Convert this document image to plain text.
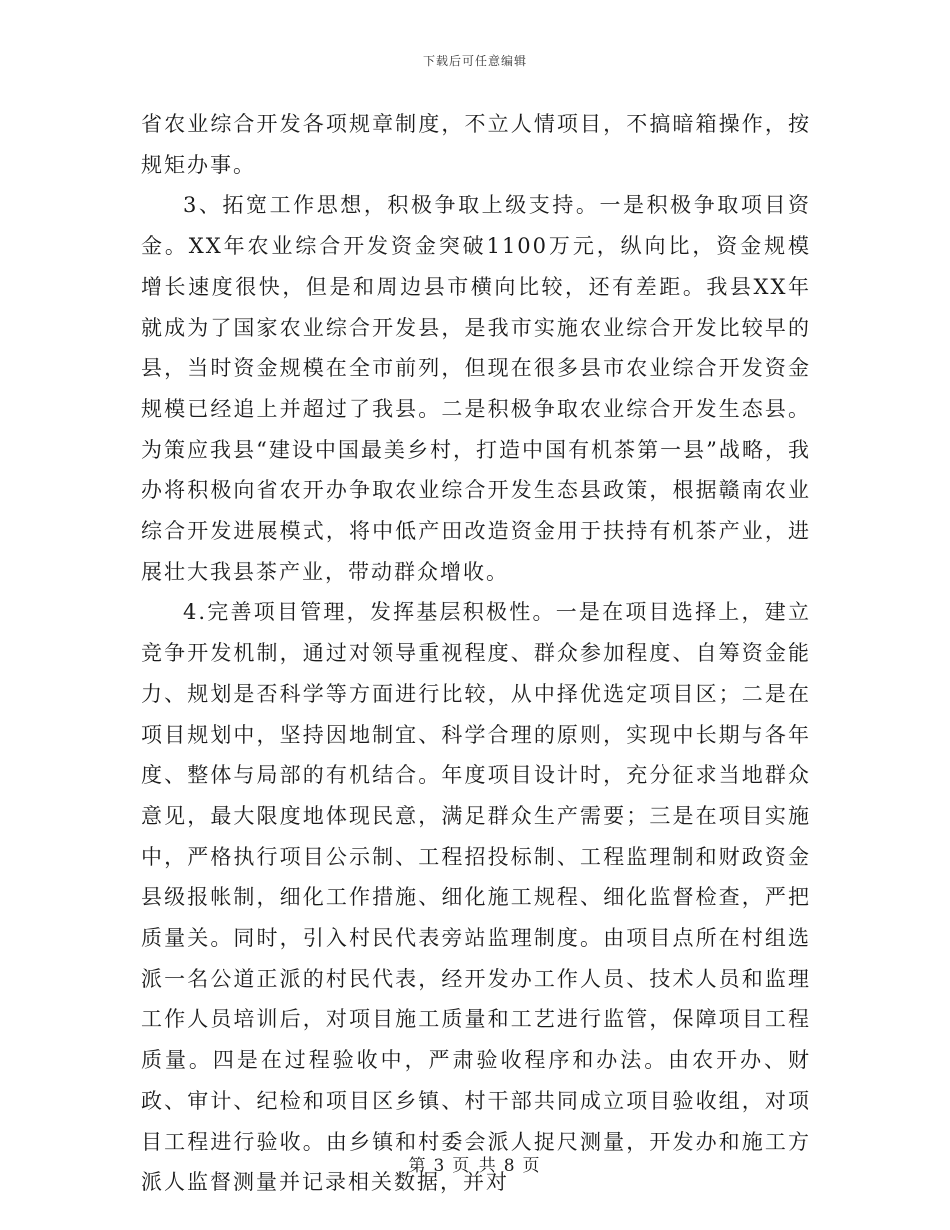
下载后可任意编辑

省农业综合开发各项规章制度，不立人情项目，不搞暗箱操作，按规矩办事。

3、拓宽工作思想，积极争取上级支持。一是积极争取项目资金。XX年农业综合开发资金突破1100万元，纵向比，资金规模增长速度很快，但是和周边县市横向比较，还有差距。我县XX年就成为了国家农业综合开发县，是我市实施农业综合开发比较早的县，当时资金规模在全市前列，但现在很多县市农业综合开发资金规模已经追上并超过了我县。二是积极争取农业综合开发生态县。为策应我县“建设中国最美乡村，打造中国有机茶第一县”战略，我办将积极向省农开办争取农业综合开发生态县政策，根据赣南农业综合开发进展模式，将中低产田改造资金用于扶持有机茶产业，进展壮大我县茶产业，带动群众增收。

4.完善项目管理，发挥基层积极性。一是在项目选择上，建立竞争开发机制，通过对领导重视程度、群众参加程度、自筹资金能力、规划是否科学等方面进行比较，从中择优选定项目区；二是在项目规划中，坚持因地制宜、科学合理的原则，实现中长期与各年度、整体与局部的有机结合。年度项目设计时，充分征求当地群众意见，最大限度地体现民意，满足群众生产需要；三是在项目实施中，严格执行项目公示制、工程招投标制、工程监理制和财政资金县级报帐制，细化工作措施、细化施工规程、细化监督检查，严把质量关。同时，引入村民代表旁站监理制度。由项目点所在村组选派一名公道正派的村民代表，经开发办工作人员、技术人员和监理工作人员培训后，对项目施工质量和工艺进行监管，保障项目工程质量。四是在过程验收中，严肃验收程序和办法。由农开办、财政、审计、纪检和项目区乡镇、村干部共同成立项目验收组，对项目工程进行验收。由乡镇和村委会派人捉尺测量，开发办和施工方派人监督测量并记录相关数据，并对

第 3 页 共 8 页
